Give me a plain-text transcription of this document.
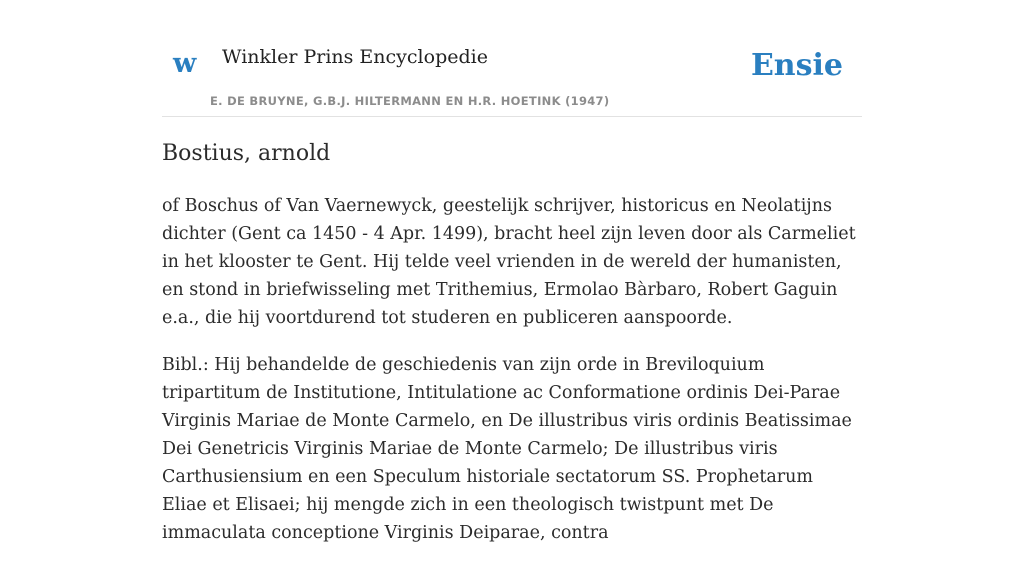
w Winkler Prins Encyclopedie
E. DE BRUYNE, G.B.J. HILTERMANN EN H.R. HOETINK (1947)
Ensie
Bostius, arnold

of Boschus of Van Vaernewyck, geestelijk schrijver, historicus en Neolatijns dichter (Gent ca 1450 - 4 Apr. 1499), bracht heel zijn leven door als Carmeliet in het klooster te Gent. Hij telde veel vrienden in de wereld der humanisten, en stond in briefwisseling met Trithemius, Ermolao Bàrbaro, Robert Gaguin e.a., die hij voortdurend tot studeren en publiceren aanspoorde.

Bibl.: Hij behandelde de geschiedenis van zijn orde in Breviloquium tripartitum de Institutione, Intitulatione ac Conformatione ordinis Dei-Parae Virginis Mariae de Monte Carmelo, en De illustribus viris ordinis Beatissimae Dei Genetricis Virginis Mariae de Monte Carmelo; De illustribus viris Carthusiensium en een Speculum historiale sectatorum SS. Prophetarum Eliae et Elisaei; hij mengde zich in een theologisch twistpunt met De immaculata conceptione Virginis Deiparae, contra
